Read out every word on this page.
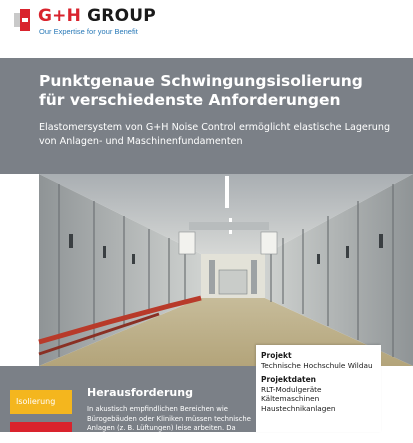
G+H GROUP
Our Expertise for your Benefit
Punktgenaue Schwingungsisolierung
für verschiedenste Anforderungen
Elastomersystem von G+H Noise Control ermöglicht elastische Lagerung von Anlagen- und Maschinenfundamenten
Projekt
Technische Hochschule Wildau
Projektdaten
RLT-Modulgeräte
Kältemaschinen
Haustechnikanlagen
Isolierung
Herausforderung
In akustisch empfindlichen Bereichen wie Bürogebäuden oder Kliniken müssen technische Anlagen (z. B. Lüftungen) leise arbeiten. Da gerade bei luft-
